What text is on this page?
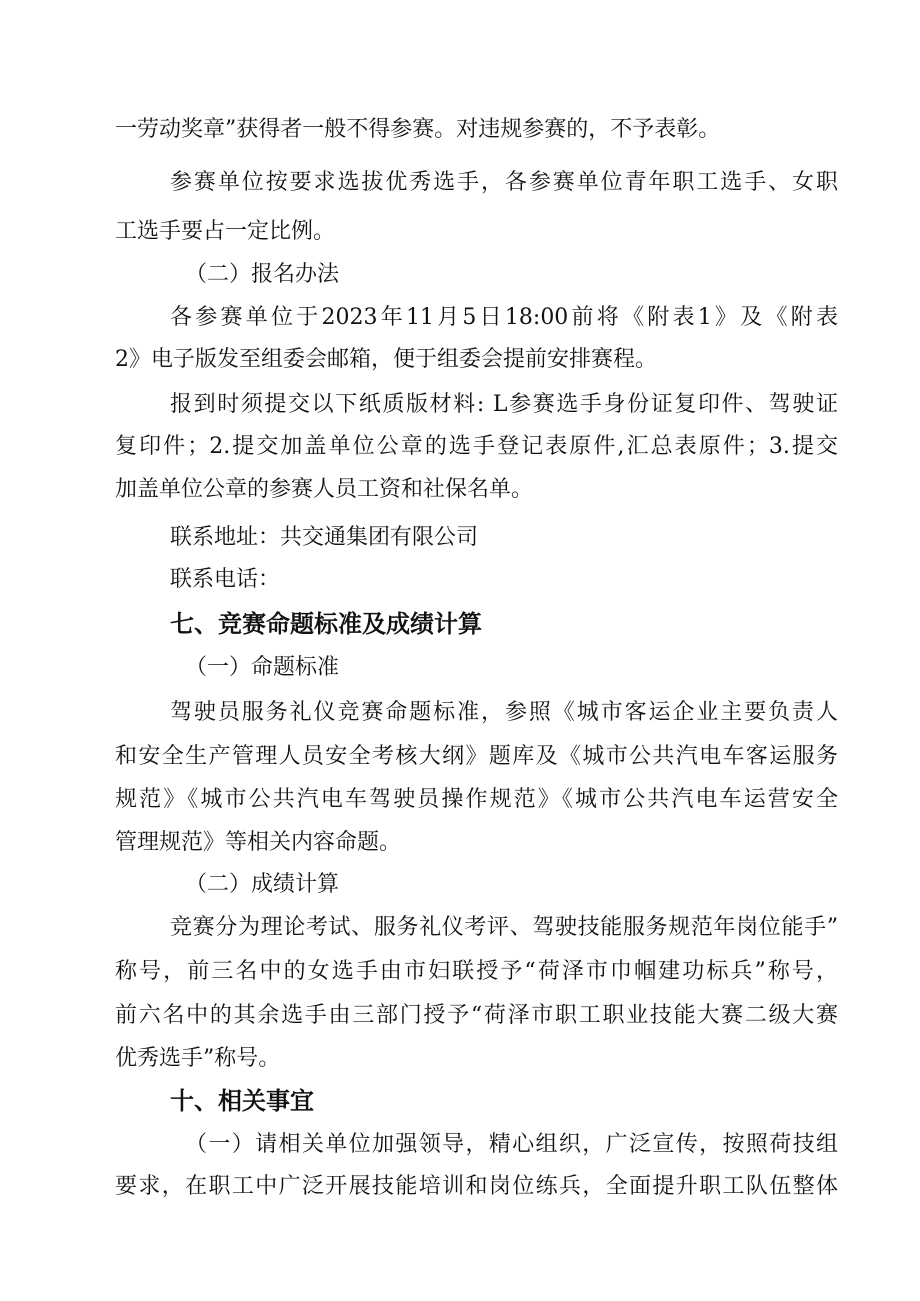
一劳动奖章”获得者一般不得参赛。对违规参赛的，不予表彰。
参赛单位按要求选拔优秀选手，各参赛单位青年职工选手、女职
工选手要占一定比例。
（二）报名办法
各参赛单位于2023年11月5日18:00前将《附表1》及《附表
2》电子版发至组委会邮箱，便于组委会提前安排赛程。
报到时须提交以下纸质版材料: L参赛选手身份证复印件、驾驶证
复印件；2.提交加盖单位公章的选手登记表原件,汇总表原件；3.提交
加盖单位公章的参赛人员工资和社保名单。
联系地址：共交通集团有限公司
联系电话：
七、竞赛命题标准及成绩计算
（一）命题标准
驾驶员服务礼仪竞赛命题标准，参照《城市客运企业主要负责人
和安全生产管理人员安全考核大纲》题库及《城市公共汽电车客运服务
规范》《城市公共汽电车驾驶员操作规范》《城市公共汽电车运营安全
管理规范》等相关内容命题。
（二）成绩计算
竞赛分为理论考试、服务礼仪考评、驾驶技能服务规范年岗位能手”
称号，前三名中的女选手由市妇联授予“荷泽市巾帼建功标兵”称号，
前六名中的其余选手由三部门授予“荷泽市职工职业技能大赛二级大赛
优秀选手”称号。
十、相关事宜
（一）请相关单位加强领导，精心组织，广泛宣传，按照荷技组
要求，在职工中广泛开展技能培训和岗位练兵，全面提升职工队伍整体
